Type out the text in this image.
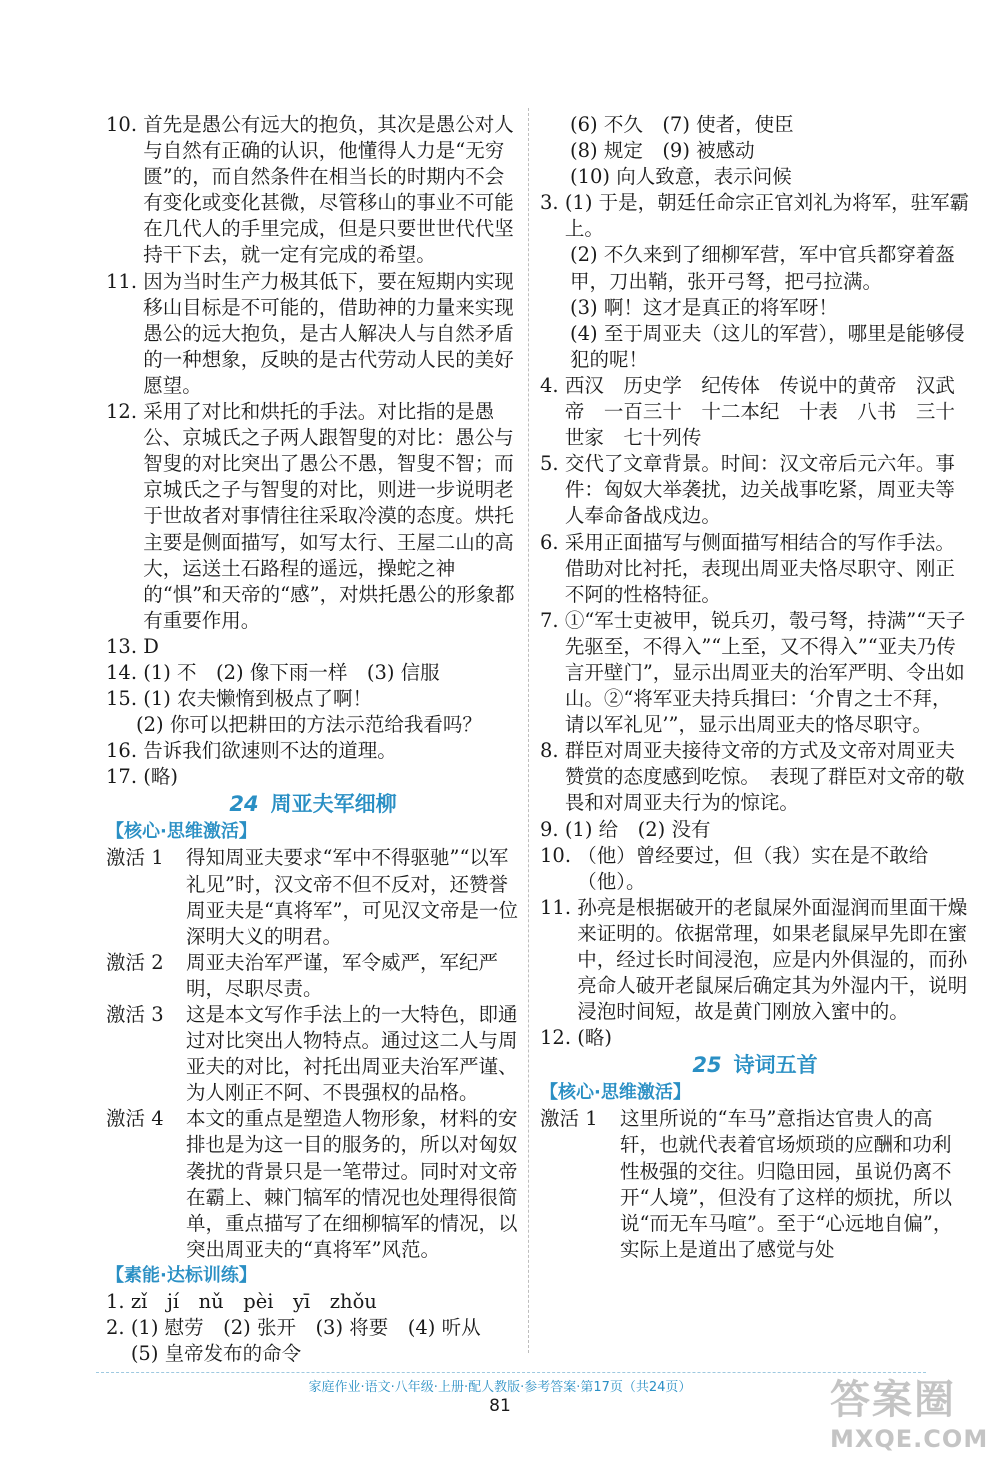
10. 首先是愚公有远大的抱负，其次是愚公对人与自然有正确的认识，他懂得人力是“无穷匮”的，而自然条件在相当长的时期内不会有变化或变化甚微，尽管移山的事业不可能在几代人的手里完成，但是只要世世代代坚持干下去，就一定有完成的希望。
11. 因为当时生产力极其低下，要在短期内实现移山目标是不可能的，借助神的力量来实现愚公的远大抱负，是古人解决人与自然矛盾的一种想象，反映的是古代劳动人民的美好愿望。
12. 采用了对比和烘托的手法。对比指的是愚公、京城氏之子两人跟智叟的对比：愚公与智叟的对比突出了愚公不愚，智叟不智；而京城氏之子与智叟的对比，则进一步说明老于世故者对事情往往采取冷漠的态度。烘托主要是侧面描写，如写太行、王屋二山的高大，运送土石路程的遥远，操蛇之神的“惧”和天帝的“感”，对烘托愚公的形象都有重要作用。
13. D
14. (1) 不　(2) 像下雨一样　(3) 信服
15. (1) 农夫懒惰到极点了啊！
(2) 你可以把耕田的方法示范给我看吗？
16. 告诉我们欲速则不达的道理。
17. (略)
24 周亚夫军细柳
【核心·思维激活】
激活 1	得知周亚夫要求“军中不得驱驰”“以军礼见”时，汉文帝不但不反对，还赞誉周亚夫是“真将军”，可见汉文帝是一位深明大义的明君。
激活 2	周亚夫治军严谨，军令威严，军纪严明，尽职尽责。
激活 3	这是本文写作手法上的一大特色，即通过对比突出人物特点。通过这二人与周亚夫的对比，衬托出周亚夫治军严谨、为人刚正不阿、不畏强权的品格。
激活 4	本文的重点是塑造人物形象，材料的安排也是为这一目的服务的，所以对匈奴袭扰的背景只是一笔带过。同时对文帝在霸上、棘门犒军的情况也处理得很简单，重点描写了在细柳犒军的情况，以突出周亚夫的“真将军”风范。
【素能·达标训练】
1. zǐ　jí　nǔ　pèi　yī　zhǒu
2. (1) 慰劳　(2) 张开　(3) 将要　(4) 听从　(5) 皇帝发布的命令
(6) 不久　(7) 使者，使臣
(8) 规定　(9) 被感动
(10) 向人致意，表示问候
3. (1) 于是，朝廷任命宗正官刘礼为将军，驻军霸上。
(2) 不久来到了细柳军营，军中官兵都穿着盔甲，刀出鞘，张开弓弩，把弓拉满。
(3) 啊！这才是真正的将军呀！
(4) 至于周亚夫（这儿的军营），哪里是能够侵犯的呢！
4. 西汉　历史学　纪传体　传说中的黄帝　汉武帝　一百三十　十二本纪　十表　八书　三十世家　七十列传
5. 交代了文章背景。时间：汉文帝后元六年。事件：匈奴大举袭扰，边关战事吃紧，周亚夫等人奉命备战戍边。
6. 采用正面描写与侧面描写相结合的写作手法。　借助对比衬托，表现出周亚夫恪尽职守、刚正不阿的性格特征。
7. ①“军士吏被甲，锐兵刃，彀弓弩，持满”“天子先驱至，不得入”“上至，又不得入”“亚夫乃传言开壁门”，显示出周亚夫的治军严明、令出如山。②“将军亚夫持兵揖曰：‘介胄之士不拜，请以军礼见’”，显示出周亚夫的恪尽职守。
8. 群臣对周亚夫接待文帝的方式及文帝对周亚夫赞赏的态度感到吃惊。　表现了群臣对文帝的敬畏和对周亚夫行为的惊诧。
9. (1) 给　(2) 没有
10. （他）曾经要过，但（我）实在是不敢给（他）。
11. 孙亮是根据破开的老鼠屎外面湿润而里面干燥来证明的。依据常理，如果老鼠屎早先即在蜜中，经过长时间浸泡，应是内外俱湿的，而孙亮命人破开老鼠屎后确定其为外湿内干，说明浸泡时间短，故是黄门刚放入蜜中的。
12. (略)
25 诗词五首
【核心·思维激活】
激活 1	这里所说的“车马”意指达官贵人的高轩，也就代表着官场烦琐的应酬和功利性极强的交往。归隐田园，虽说仍离不开“人境”，但没有了这样的烦扰，所以说“而无车马喧”。至于“心远地自偏”，实际上是道出了感觉与处
家庭作业·语文·八年级·上册·配人教版·参考答案·第17页（共24页）
81	答案圈
MXQE.COM
